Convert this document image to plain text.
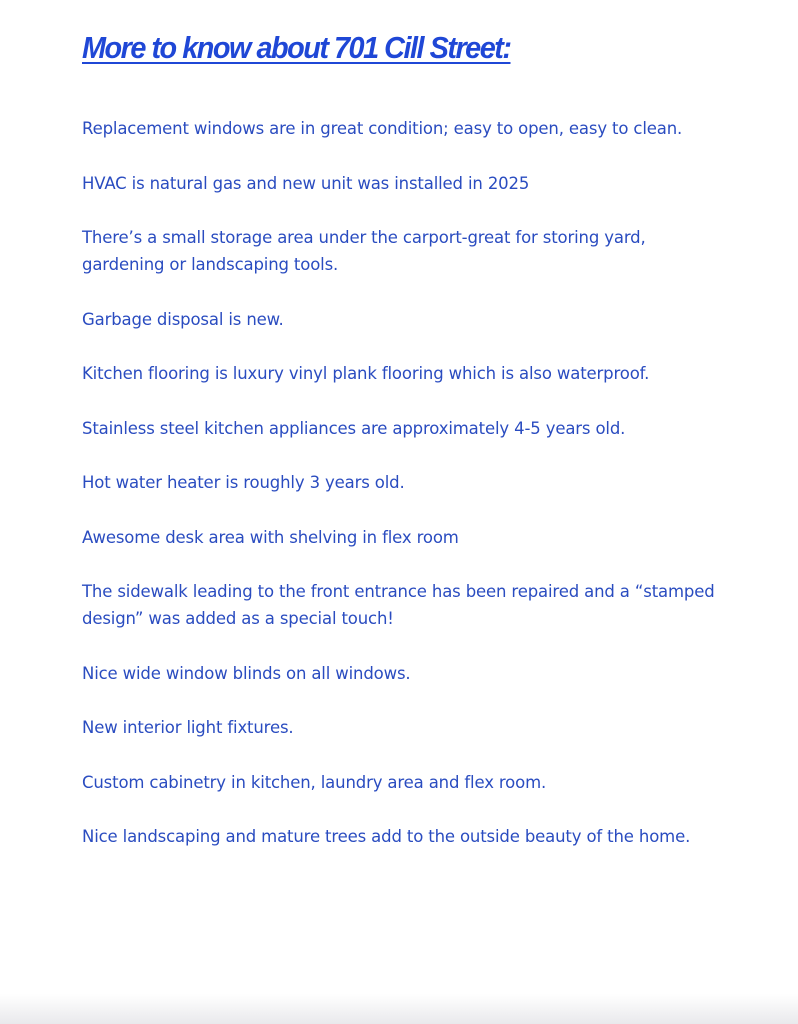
More to know about 701 Cill Street:
Replacement windows are in great condition; easy to open, easy to clean.
HVAC is natural gas and new unit was installed in 2025
There’s a small storage area under the carport-great for storing yard, gardening or landscaping tools.
Garbage disposal is new.
Kitchen flooring is luxury vinyl plank flooring which is also waterproof.
Stainless steel kitchen appliances are approximately 4-5 years old.
Hot water heater is roughly 3 years old.
Awesome desk area with shelving in flex room
The sidewalk leading to the front entrance has been repaired and a “stamped design” was added as a special touch!
Nice wide window blinds on all windows.
New interior light fixtures.
Custom cabinetry in kitchen, laundry area and flex room.
Nice landscaping and mature trees add to the outside beauty of the home.
